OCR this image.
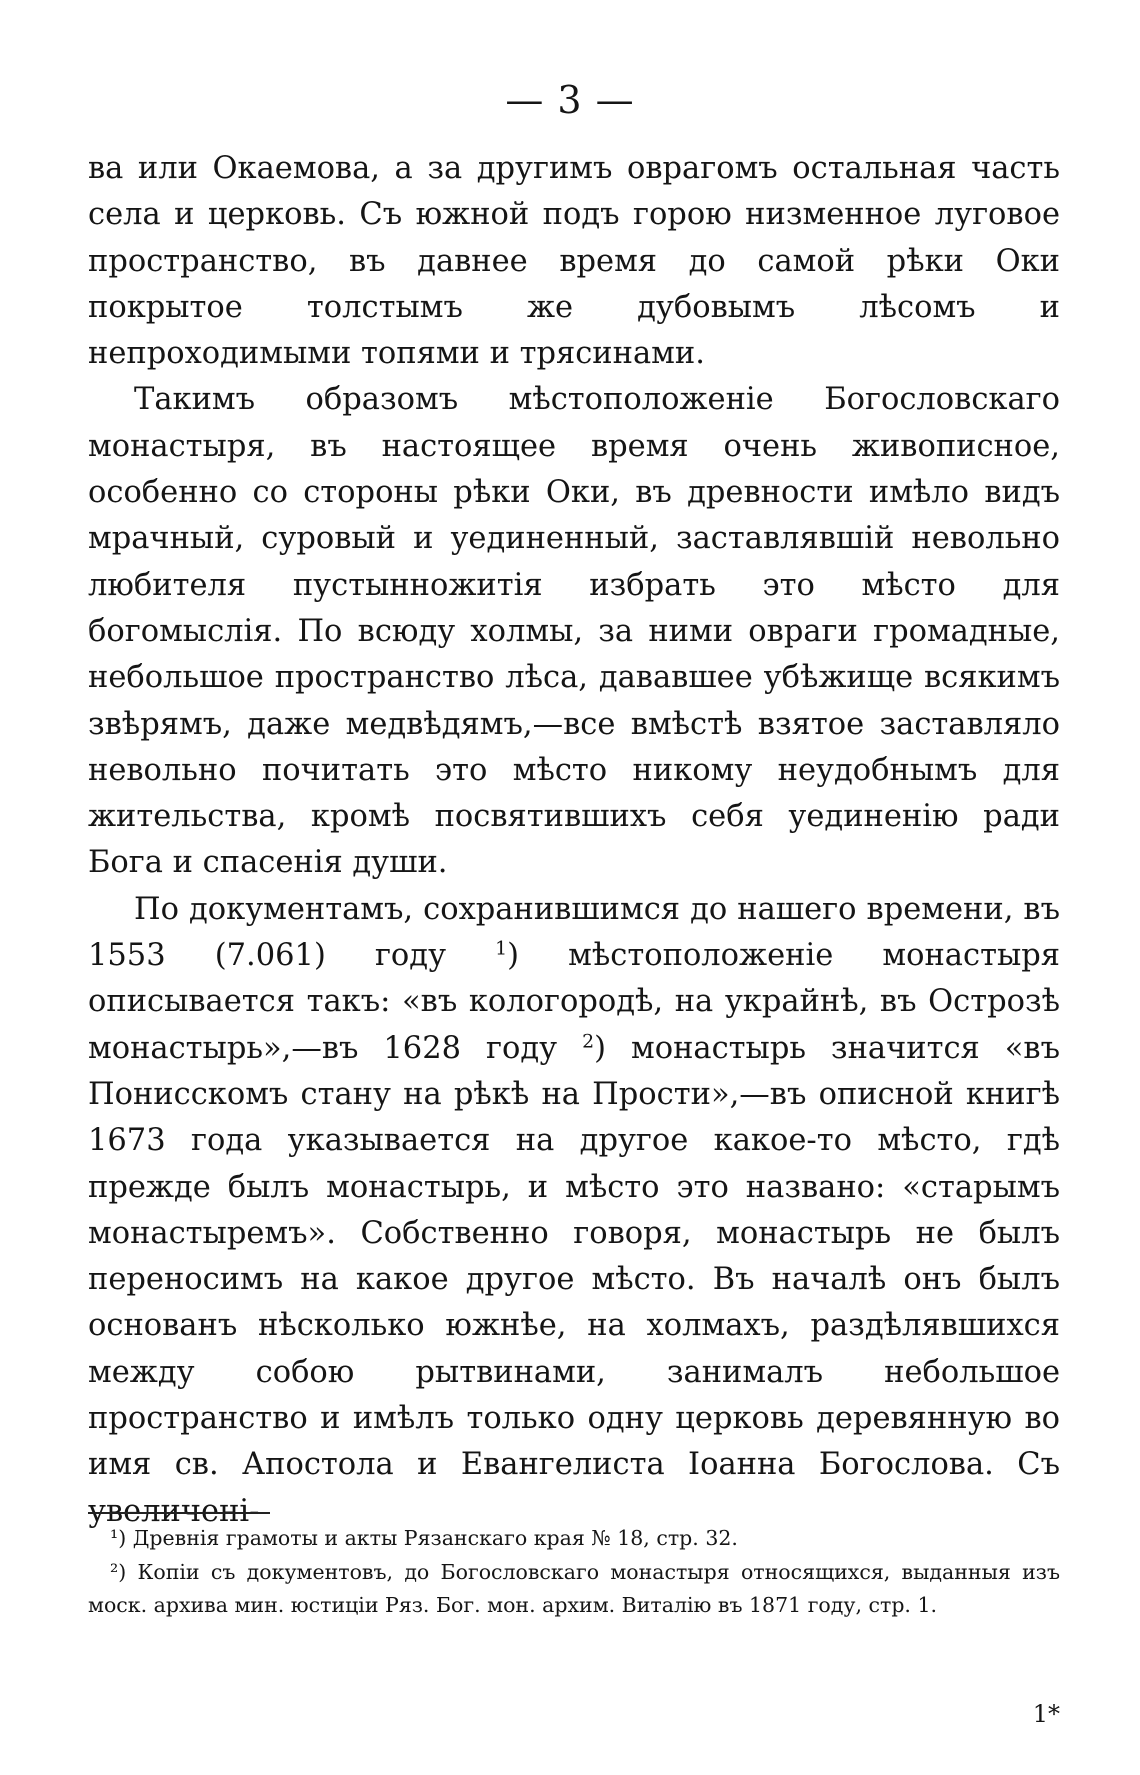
— 3 —

ва или Окаемова, а за другимъ оврагомъ остальная часть села и церковь. Съ южной подъ горою низменное луговое пространство, въ давнее время до самой рѣки Оки покрытое толстымъ же дубовымъ лѣсомъ и непроходимыми топями и трясинами.

Такимъ образомъ мѣстоположеніе Богословскаго монастыря, въ настоящее время очень живописное, особенно со стороны рѣки Оки, въ древности имѣло видъ мрачный, суровый и уединенный, заставлявшій невольно любителя пустынножитія избрать это мѣсто для богомыслія. По всюду холмы, за ними овраги громадные, небольшое пространство лѣса, дававшее убѣжище всякимъ звѣрямъ, даже медвѣдямъ,—все вмѣстѣ взятое заставляло невольно почитать это мѣсто никому неудобнымъ для жительства, кромѣ посвятившихъ себя уединенію ради Бога и спасенія души.

По документамъ, сохранившимся до нашего времени, въ 1553 (7.061) году $^1$) мѣстоположеніе монастыря описывается такъ: «въ кологородѣ, на украйнѣ, въ Острозѣ монастырь»,—въ 1628 году $^2$) монастырь значится «въ Понисскомъ стану на рѣкѣ на Прости»,—въ описной книгѣ 1673 года указывается на другое какое-то мѣсто, гдѣ прежде былъ монастырь, и мѣсто это названо: «старымъ монастыремъ». Собственно говоря, монастырь не былъ переносимъ на какое другое мѣсто. Въ началѣ онъ былъ основанъ нѣсколько южнѣе, на холмахъ, раздѣлявшихся между собою рытвинами, занималъ небольшое пространство и имѣлъ только одну церковь деревянную во имя св. Апостола и Евангелиста Іоанна Богослова. Съ увеличені-

¹) Древнія грамоты и акты Рязанскаго края № 18, стр. 32.

²) Копіи съ документовъ, до Богословскаго монастыря относящихся, выданныя изъ моск. архива мин. юстиціи Ряз. Бог. мон. архим. Виталію въ 1871 году, стр. 1.

1*
